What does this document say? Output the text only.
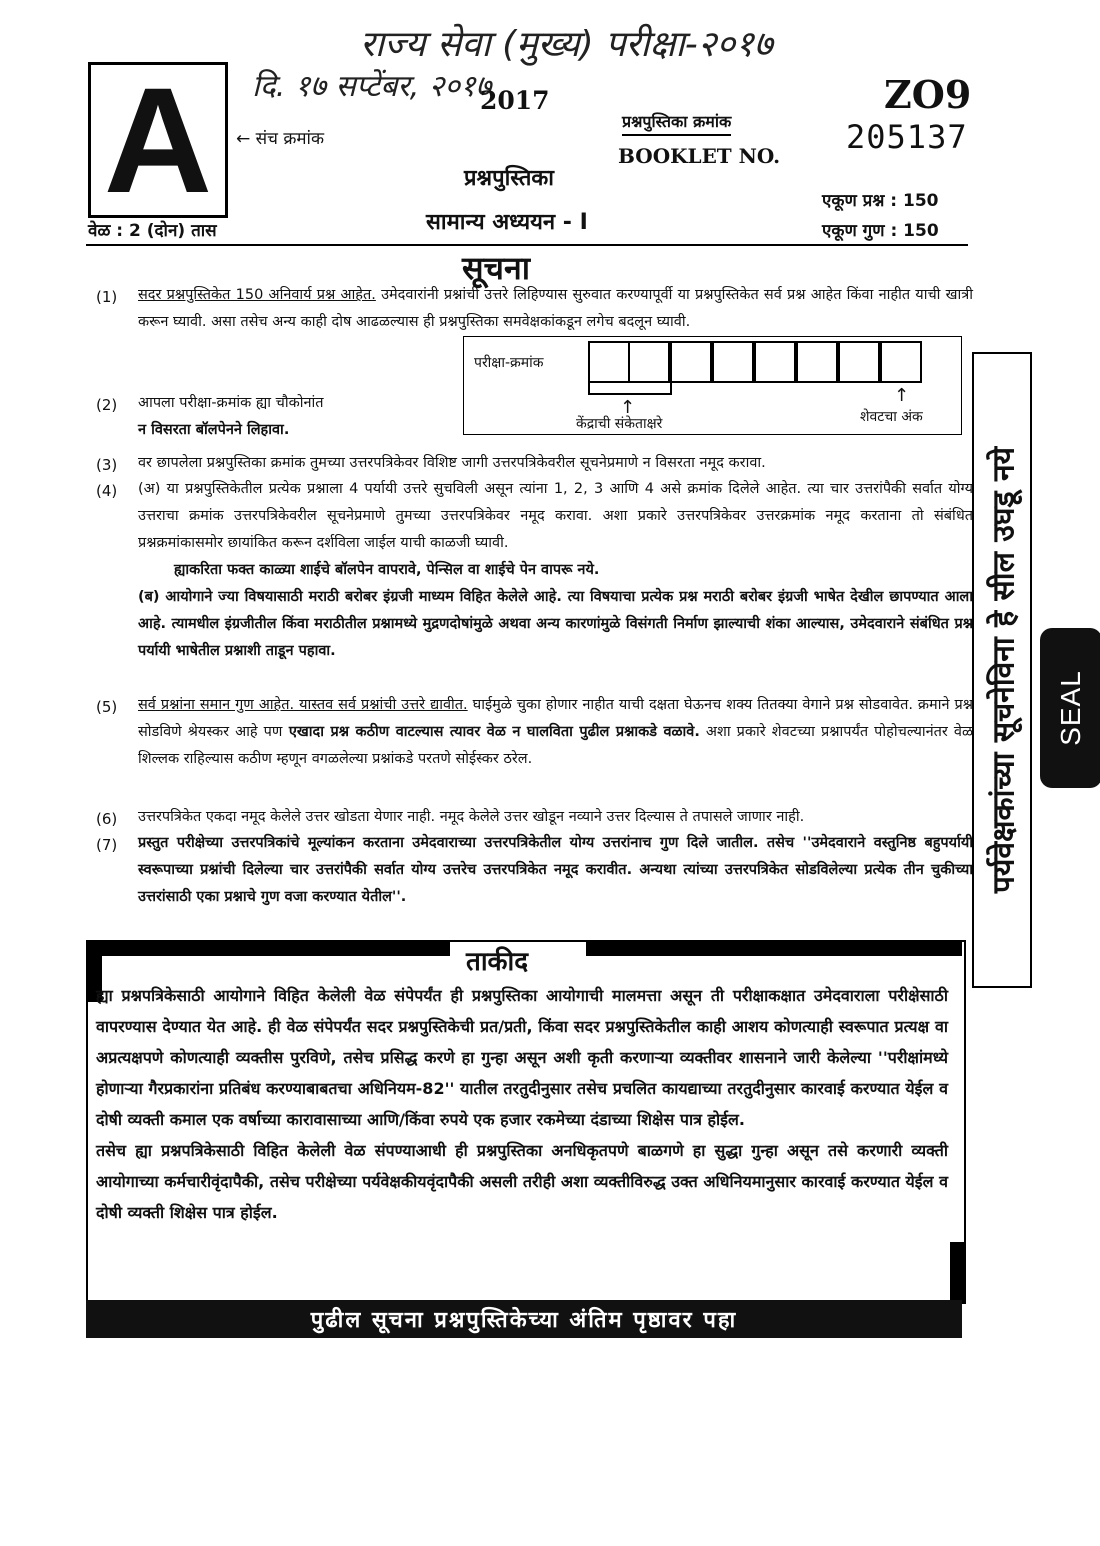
राज्य सेवा (मुख्य) परीक्षा-२०१७
दि. १७ सप्टेंबर, २०१७
A ← संच क्रमांक
2017
प्रश्नपुस्तिका क्रमांक
BOOKLET NO.
ZO9
205137
प्रश्नपुस्तिका
सामान्य अध्ययन - I
वेळ : 2 (दोन) तास
एकूण प्रश्न : 150
एकूण गुण : 150
सूचना
(1) सदर प्रश्नपुस्तिकेत 150 अनिवार्य प्रश्न आहेत. उमेदवारांनी प्रश्नांची उत्तरे लिहिण्यास सुरुवात करण्यापूर्वी या प्रश्नपुस्तिकेत सर्व प्रश्न आहेत किंवा नाहीत याची खात्री करून घ्यावी. असा तसेच अन्य काही दोष आढळल्यास ही प्रश्नपुस्तिका समवेक्षकांकडून लगेच बदलून घ्यावी.
परीक्षा-क्रमांक
↑
↑
शेवटचा अंक
केंद्राची संकेताक्षरे
(2) आपला परीक्षा-क्रमांक ह्या चौकोनांत
न विसरता बॉलपेनने लिहावा.
(3) वर छापलेला प्रश्नपुस्तिका क्रमांक तुमच्या उत्तरपत्रिकेवर विशिष्ट जागी उत्तरपत्रिकेवरील सूचनेप्रमाणे न विसरता नमूद करावा.
(4) (अ) या प्रश्नपुस्तिकेतील प्रत्येक प्रश्नाला 4 पर्यायी उत्तरे सुचविली असून त्यांना 1, 2, 3 आणि 4 असे क्रमांक दिलेले आहेत. त्या चार उत्तरांपैकी सर्वात योग्य उत्तराचा क्रमांक उत्तरपत्रिकेवरील सूचनेप्रमाणे तुमच्या उत्तरपत्रिकेवर नमूद करावा. अशा प्रकारे उत्तरपत्रिकेवर उत्तरक्रमांक नमूद करताना तो संबंधित प्रश्नक्रमांकासमोर छायांकित करून दर्शविला जाईल याची काळजी घ्यावी.
ह्याकरिता फक्त काळ्या शाईचे बॉलपेन वापरावे, पेन्सिल वा शाईचे पेन वापरू नये.
(ब) आयोगाने ज्या विषयासाठी मराठी बरोबर इंग्रजी माध्यम विहित केलेले आहे. त्या विषयाचा प्रत्येक प्रश्न मराठी बरोबर इंग्रजी भाषेत देखील छापण्यात आला आहे. त्यामधील इंग्रजीतील किंवा मराठीतील प्रश्नामध्ये मुद्रणदोषांमुळे अथवा अन्य कारणांमुळे विसंगती निर्माण झाल्याची शंका आल्यास, उमेदवाराने संबंधित प्रश्न पर्यायी भाषेतील प्रश्नाशी ताडून पहावा.
(5) सर्व प्रश्नांना समान गुण आहेत. यास्तव सर्व प्रश्नांची उत्तरे द्यावीत. घाईमुळे चुका होणार नाहीत याची दक्षता घेऊनच शक्य तितक्या वेगाने प्रश्न सोडवावेत. क्रमाने प्रश्न सोडविणे श्रेयस्कर आहे पण एखादा प्रश्न कठीण वाटल्यास त्यावर वेळ न घालविता पुढील प्रश्नाकडे वळावे. अशा प्रकारे शेवटच्या प्रश्नापर्यंत पोहोचल्यानंतर वेळ शिल्लक राहिल्यास कठीण म्हणून वगळलेल्या प्रश्नांकडे परतणे सोईस्कर ठरेल.
(6) उत्तरपत्रिकेत एकदा नमूद केलेले उत्तर खोडता येणार नाही. नमूद केलेले उत्तर खोडून नव्याने उत्तर दिल्यास ते तपासले जाणार नाही.
(7) प्रस्तुत परीक्षेच्या उत्तरपत्रिकांचे मूल्यांकन करताना उमेदवाराच्या उत्तरपत्रिकेतील योग्य उत्तरांनाच गुण दिले जातील. तसेच ''उमेदवाराने वस्तुनिष्ठ बहुपर्यायी स्वरूपाच्या प्रश्नांची दिलेल्या चार उत्तरांपैकी सर्वात योग्य उत्तरेच उत्तरपत्रिकेत नमूद करावीत. अन्यथा त्यांच्या उत्तरपत्रिकेत सोडविलेल्या प्रत्येक तीन चुकीच्या उत्तरांसाठी एका प्रश्नाचे गुण वजा करण्यात येतील''.
ताकीद
ह्या प्रश्नपत्रिकेसाठी आयोगाने विहित केलेली वेळ संपेपर्यंत ही प्रश्नपुस्तिका आयोगाची मालमत्ता असून ती परीक्षाकक्षात उमेदवाराला परीक्षेसाठी वापरण्यास देण्यात येत आहे. ही वेळ संपेपर्यंत सदर प्रश्नपुस्तिकेची प्रत/प्रती, किंवा सदर प्रश्नपुस्तिकेतील काही आशय कोणत्याही स्वरूपात प्रत्यक्ष वा अप्रत्यक्षपणे कोणत्याही व्यक्तीस पुरविणे, तसेच प्रसिद्ध करणे हा गुन्हा असून अशी कृती करणाऱ्या व्यक्तीवर शासनाने जारी केलेल्या ''परीक्षांमध्ये होणाऱ्या गैरप्रकारांना प्रतिबंध करण्याबाबतचा अधिनियम-82'' यातील तरतुदीनुसार तसेच प्रचलित कायद्याच्या तरतुदीनुसार कारवाई करण्यात येईल व दोषी व्यक्ती कमाल एक वर्षाच्या कारावासाच्या आणि/किंवा रुपये एक हजार रकमेच्या दंडाच्या शिक्षेस पात्र होईल.
तसेच ह्या प्रश्नपत्रिकेसाठी विहित केलेली वेळ संपण्याआधी ही प्रश्नपुस्तिका अनधिकृतपणे बाळगणे हा सुद्धा गुन्हा असून तसे करणारी व्यक्ती आयोगाच्या कर्मचारीवृंदापैकी, तसेच परीक्षेच्या पर्यवेक्षकीयवृंदापैकी असली तरीही अशा व्यक्तीविरुद्ध उक्त अधिनियमानुसार कारवाई करण्यात येईल व दोषी व्यक्ती शिक्षेस पात्र होईल.
पुढील सूचना प्रश्नपुस्तिकेच्या अंतिम पृष्ठावर पहा
पर्यवेक्षकांच्या सूचनेविना हे सील उघडू नये SEAL
